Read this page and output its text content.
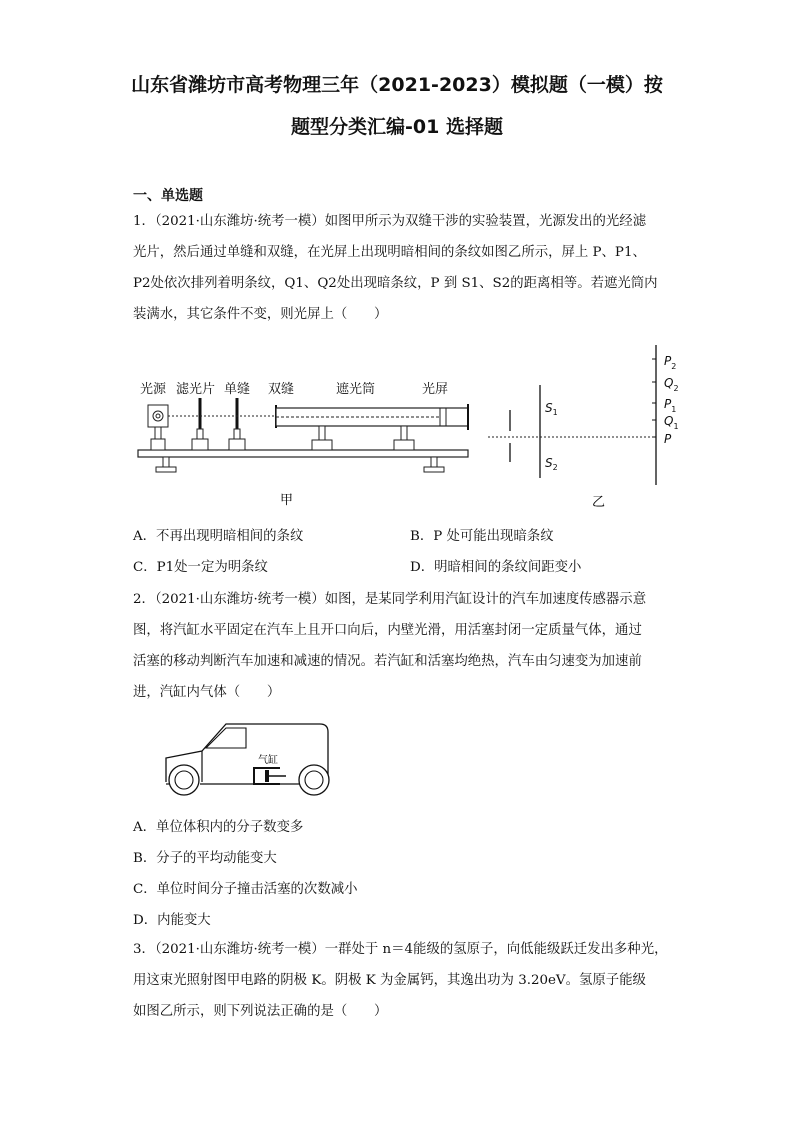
山东省潍坊市高考物理三年（2021-2023）模拟题（一模）按
题型分类汇编-01 选择题
一、单选题
1．（2021·山东潍坊·统考一模）如图甲所示为双缝干涉的实验装置，光源发出的光经滤
光片，然后通过单缝和双缝，在光屏上出现明暗相间的条纹如图乙所示，屏上 P、P1、
P2处依次排列着明条纹，Q1、Q2处出现暗条纹，P 到 S1、S2的距离相等。若遮光筒内
装满水，其它条件不变，则光屏上（　　）
光源 滤光片 单缝 双缝	遮光筒	光屏
甲
$S_1$
$S_2$
$P_2$
$Q_2$
$P_1$
$Q_1$
P
乙
A．不再出现明暗相间的条纹	B．P 处可能出现暗条纹
C．P1处一定为明条纹	D．明暗相间的条纹间距变小
2．（2021·山东潍坊·统考一模）如图，是某同学利用汽缸设计的汽车加速度传感器示意
图，将汽缸水平固定在汽车上且开口向后，内壁光滑，用活塞封闭一定质量气体，通过
活塞的移动判断汽车加速和减速的情况。若汽缸和活塞均绝热，汽车由匀速变为加速前
进，汽缸内气体（　　）
气缸
A．单位体积内的分子数变多
B．分子的平均动能变大
C．单位时间分子撞击活塞的次数减小
D．内能变大
3．（2021·山东潍坊·统考一模）一群处于 n＝4能级的氢原子，向低能级跃迁发出多种光，
用这束光照射图甲电路的阴极 K。阴极 K 为金属钙，其逸出功为 3.20eV。氢原子能级
如图乙所示，则下列说法正确的是（　　）
